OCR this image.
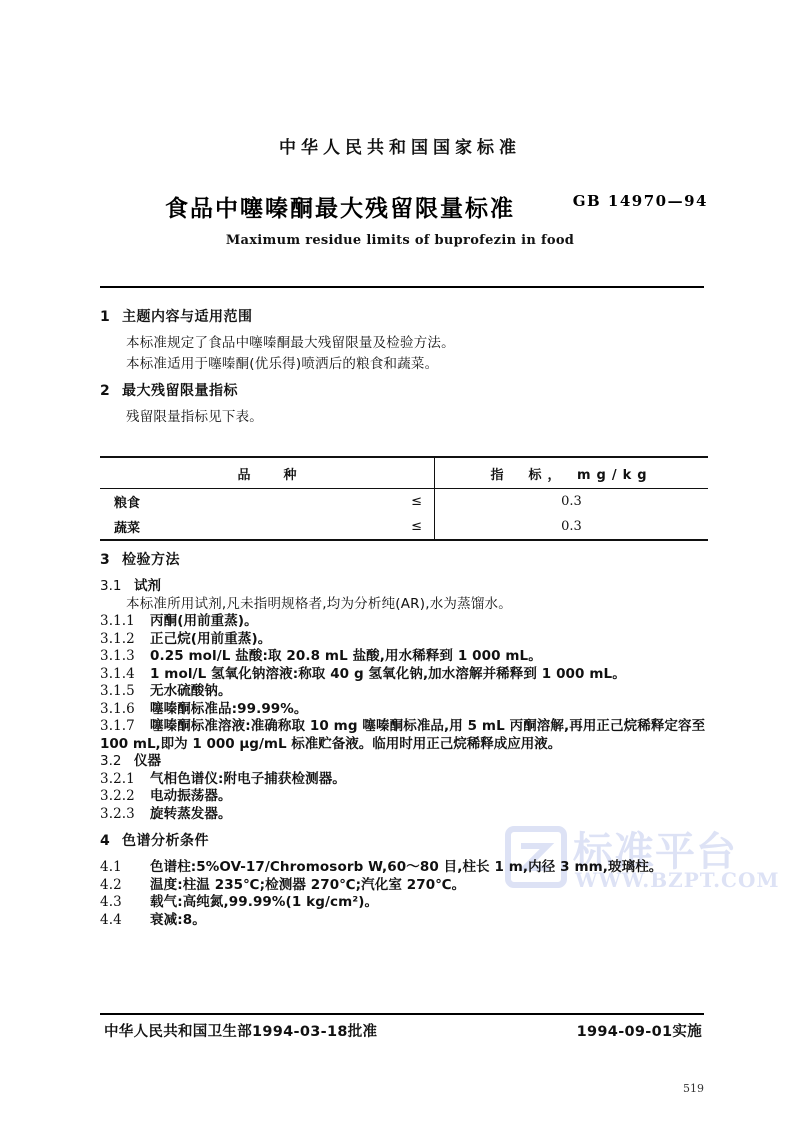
标准平台
WWW.BZPT.COM
中华人民共和国国家标准
食品中噻嗪酮最大残留限量标准	GB 14970—94
Maximum residue limits of buprofezin in food
1 主题内容与适用范围
本标准规定了食品中噻嗪酮最大残留限量及检验方法。
本标准适用于噻嗪酮(优乐得)喷洒后的粮食和蔬菜。
2 最大残留限量指标
残留限量指标见下表。
品　种		指　标， mg/kg
粮食	≤	0.3
蔬菜	≤	0.3
3 检验方法
3.1 试剂
本标准所用试剂,凡未指明规格者,均为分析纯(AR),水为蒸馏水。
3.1.1 丙酮(用前重蒸)。
3.1.2 正己烷(用前重蒸)。
3.1.3 0.25 mol/L 盐酸:取 20.8 mL 盐酸,用水稀释到 1 000 mL。
3.1.4 1 mol/L 氢氧化钠溶液:称取 40 g 氢氧化钠,加水溶解并稀释到 1 000 mL。
3.1.5 无水硫酸钠。
3.1.6 噻嗪酮标准品:99.99%。
3.1.7 噻嗪酮标准溶液:准确称取 10 mg 噻嗪酮标准品,用 5 mL 丙酮溶解,再用正己烷稀释定容至
100 mL,即为 1 000 μg/mL 标准贮备液。临用时用正己烷稀释成应用液。
3.2 仪器
3.2.1 气相色谱仪:附电子捕获检测器。
3.2.2 电动振荡器。
3.2.3 旋转蒸发器。
4 色谱分析条件
4.1 色谱柱:5%OV-17/Chromosorb W,60～80 目,柱长 1 m,内径 3 mm,玻璃柱。
4.2 温度:柱温 235℃;检测器 270℃;汽化室 270℃。
4.3 载气:高纯氮,99.99%(1 kg/cm²)。
4.4 衰减:8。
中华人民共和国卫生部1994-03-18批准	1994-09-01实施
519
